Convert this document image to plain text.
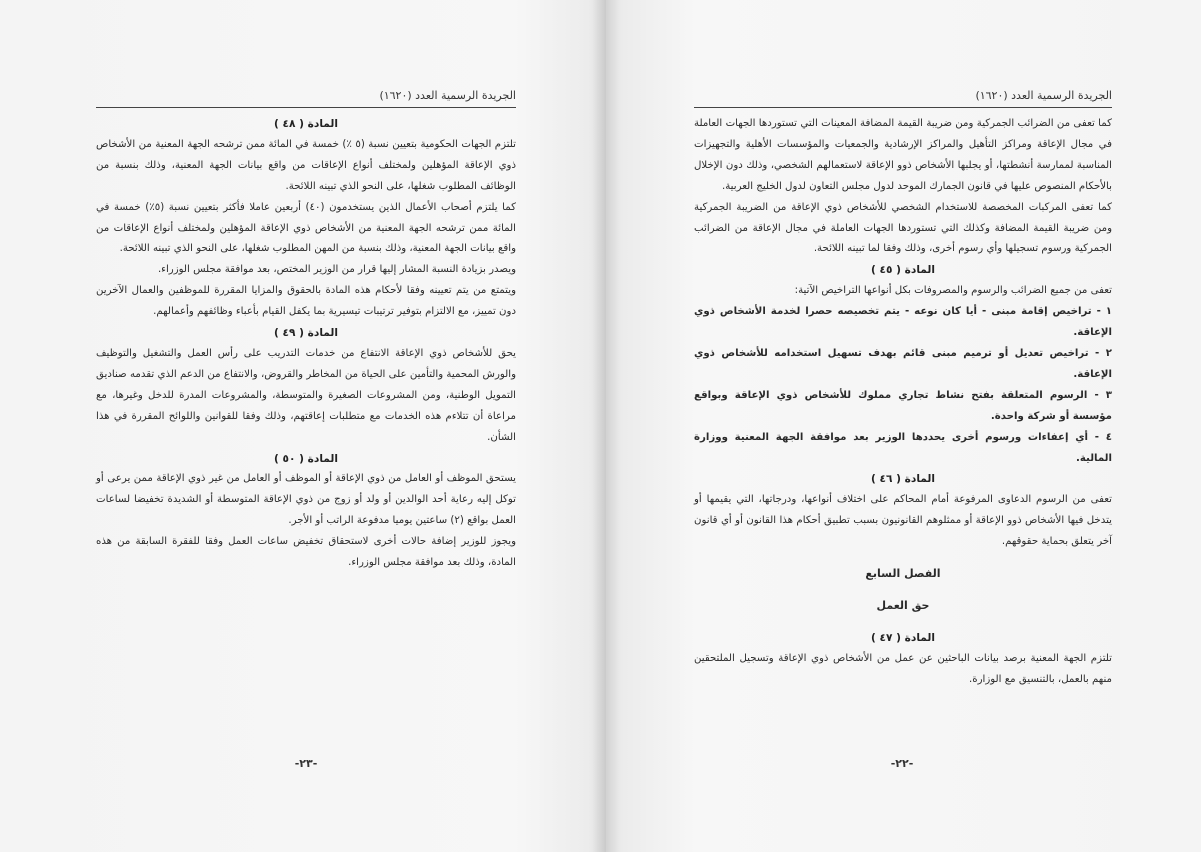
الجريدة الرسمية العدد (١٦٢٠)

المادة ( ٤٨ )

تلتزم الجهات الحكومية بتعيين نسبة (٥ ٪) خمسة في المائة ممن ترشحه الجهة المعنية من الأشخاص ذوي الإعاقة المؤهلين ولمختلف أنواع الإعاقات من واقع بيانات الجهة المعنية، وذلك بنسبة من الوظائف المطلوب شغلها، على النحو الذي تبينه اللائحة.

كما يلتزم أصحاب الأعمال الذين يستخدمون (٤٠) أربعين عاملا فأكثر بتعيين نسبة (٥٪) خمسة في المائة ممن ترشحه الجهة المعنية من الأشخاص ذوي الإعاقة المؤهلين ولمختلف أنواع الإعاقات من واقع بيانات الجهة المعنية، وذلك بنسبة من المهن المطلوب شغلها، على النحو الذي تبينه اللائحة.

ويصدر بزيادة النسبة المشار إليها قرار من الوزير المختص، بعد موافقة مجلس الوزراء.

ويتمتع من يتم تعيينه وفقا لأحكام هذه المادة بالحقوق والمزايا المقررة للموظفين والعمال الآخرين دون تمييز، مع الالتزام بتوفير ترتيبات تيسيرية بما يكفل القيام بأعباء وظائفهم وأعمالهم.

المادة ( ٤٩ )

يحق للأشخاص ذوي الإعاقة الانتفاع من خدمات التدريب على رأس العمل والتشغيل والتوظيف والورش المحمية والتأمين على الحياة من المخاطر والقروض، والانتفاع من الدعم الذي تقدمه صناديق التمويل الوطنية، ومن المشروعات الصغيرة والمتوسطة، والمشروعات المدرة للدخل وغيرها، مع مراعاة أن تتلاءم هذه الخدمات مع متطلبات إعاقتهم، وذلك وفقا للقوانين واللوائح المقررة في هذا الشأن.

المادة ( ٥٠ )

يستحق الموظف أو العامل من ذوي الإعاقة أو الموظف أو العامل من غير ذوي الإعاقة ممن يرعى أو توكل إليه رعاية أحد الوالدين أو ولد أو زوج من ذوي الإعاقة المتوسطة أو الشديدة تخفيضا لساعات العمل بواقع (٢) ساعتين يوميا مدفوعة الراتب أو الأجر.

ويجوز للوزير إضافة حالات أخرى لاستحقاق تخفيض ساعات العمل وفقا للفقرة السابقة من هذه المادة، وذلك بعد موافقة مجلس الوزراء.

-٢٣-
الجريدة الرسمية العدد (١٦٢٠)

كما تعفى من الضرائب الجمركية ومن ضريبة القيمة المضافة المعينات التي تستوردها الجهات العاملة في مجال الإعاقة ومراكز التأهيل والمراكز الإرشادية والجمعيات والمؤسسات الأهلية والتجهيزات المناسبة لممارسة أنشطتها، أو يجلبها الأشخاص ذوو الإعاقة لاستعمالهم الشخصي، وذلك دون الإخلال بالأحكام المنصوص عليها في قانون الجمارك الموحد لدول مجلس التعاون لدول الخليج العربية.

كما تعفى المركبات المخصصة للاستخدام الشخصي للأشخاص ذوي الإعاقة من الضريبة الجمركية ومن ضريبة القيمة المضافة وكذلك التي تستوردها الجهات العاملة في مجال الإعاقة من الضرائب الجمركية ورسوم تسجيلها وأي رسوم أخرى، وذلك وفقا لما تبينه اللائحة.

المادة ( ٤٥ )

تعفى من جميع الضرائب والرسوم والمصروفات بكل أنواعها التراخيص الآتية:

١ - تراخيص إقامة مبنى - أيا كان نوعه - يتم تخصيصه حصرا لخدمة الأشخاص ذوي الإعاقة.

٢ - تراخيص تعديل أو ترميم مبنى قائم بهدف تسهيل استخدامه للأشخاص ذوي الإعاقة.

٣ - الرسوم المتعلقة بفتح نشاط تجاري مملوك للأشخاص ذوي الإعاقة وبواقع مؤسسة أو شركة واحدة.

٤ - أي إعفاءات ورسوم أخرى يحددها الوزير بعد موافقة الجهة المعنية ووزارة المالية.

المادة ( ٤٦ )

تعفى من الرسوم الدعاوى المرفوعة أمام المحاكم على اختلاف أنواعها، ودرجاتها، التي يقيمها أو يتدخل فيها الأشخاص ذوو الإعاقة أو ممثلوهم القانونيون بسبب تطبيق أحكام هذا القانون أو أي قانون آخر يتعلق بحماية حقوقهم.

الفصل السابع

حق العمل

المادة ( ٤٧ )

تلتزم الجهة المعنية برصد بيانات الباحثين عن عمل من الأشخاص ذوي الإعاقة وتسجيل الملتحقين منهم بالعمل، بالتنسيق مع الوزارة.

-٢٢-
